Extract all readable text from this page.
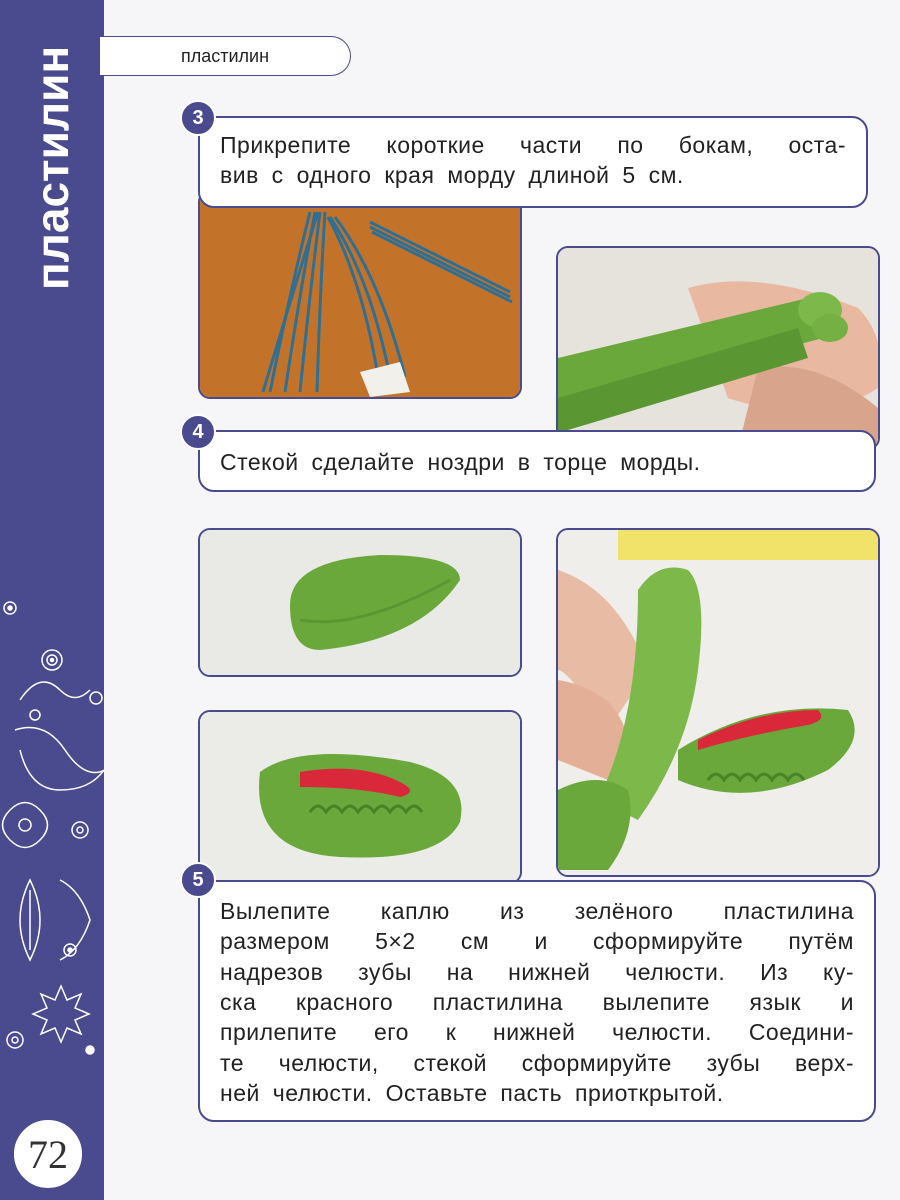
пластилин
72
пластилин
Прикрепите короткие части по бокам, оста-
вив с одного края морду длиной 5 см.
3
Стекой сделайте ноздри в торце морды.
4
Вылепите каплю из зелёного пластилина
размером 5×2 см и сформируйте путём
надрезов зубы на нижней челюсти. Из ку-
ска красного пластилина вылепите язык и
прилепите его к нижней челюсти. Соедини-
те челюсти, стекой сформируйте зубы верх-
ней челюсти. Оставьте пасть приоткрытой.
5
